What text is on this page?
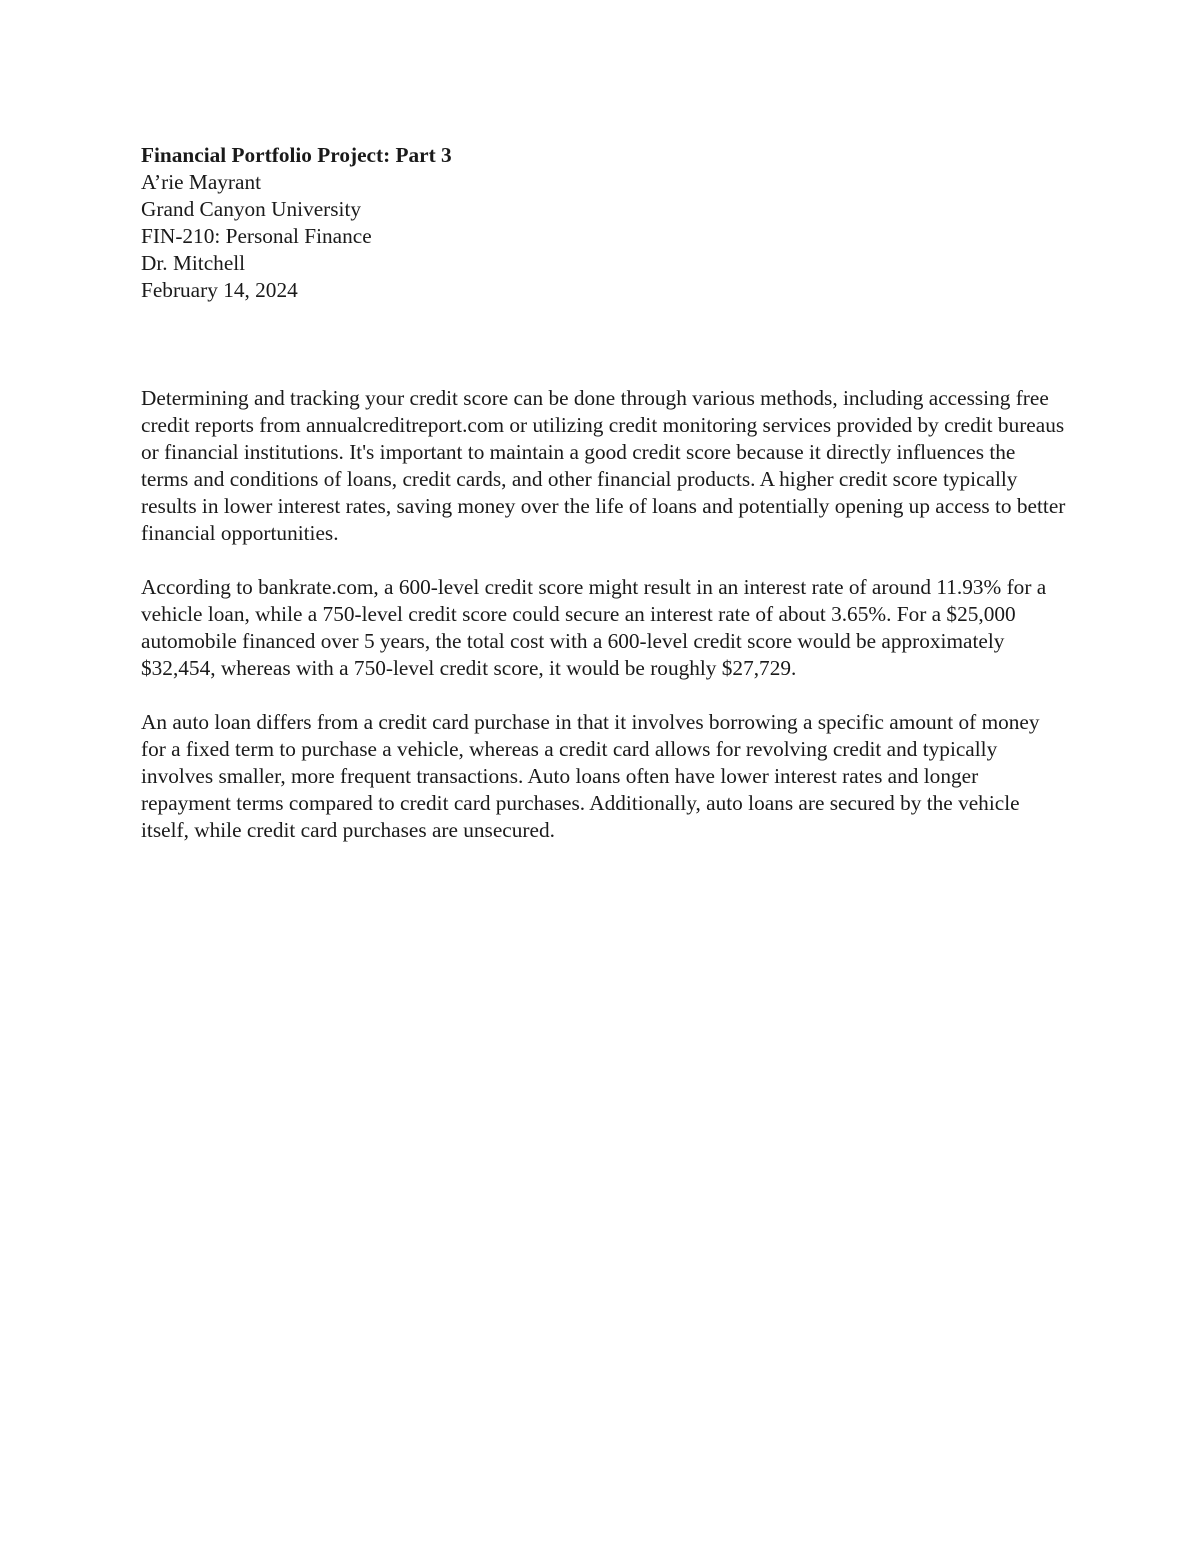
Financial Portfolio Project: Part 3

A’rie Mayrant

Grand Canyon University

FIN-210: Personal Finance

Dr. Mitchell

February 14, 2024

Determining and tracking your credit score can be done through various methods, including accessing free credit reports from annualcreditreport.com or utilizing credit monitoring services provided by credit bureaus or financial institutions. It's important to maintain a good credit score because it directly influences the terms and conditions of loans, credit cards, and other financial products. A higher credit score typically results in lower interest rates, saving money over the life of loans and potentially opening up access to better financial opportunities.

According to bankrate.com, a 600-level credit score might result in an interest rate of around 11.93% for a vehicle loan, while a 750-level credit score could secure an interest rate of about 3.65%. For a $25,000 automobile financed over 5 years, the total cost with a 600-level credit score would be approximately $32,454, whereas with a 750-level credit score, it would be roughly $27,729.

An auto loan differs from a credit card purchase in that it involves borrowing a specific amount of money for a fixed term to purchase a vehicle, whereas a credit card allows for revolving credit and typically involves smaller, more frequent transactions. Auto loans often have lower interest rates and longer repayment terms compared to credit card purchases. Additionally, auto loans are secured by the vehicle itself, while credit card purchases are unsecured.
